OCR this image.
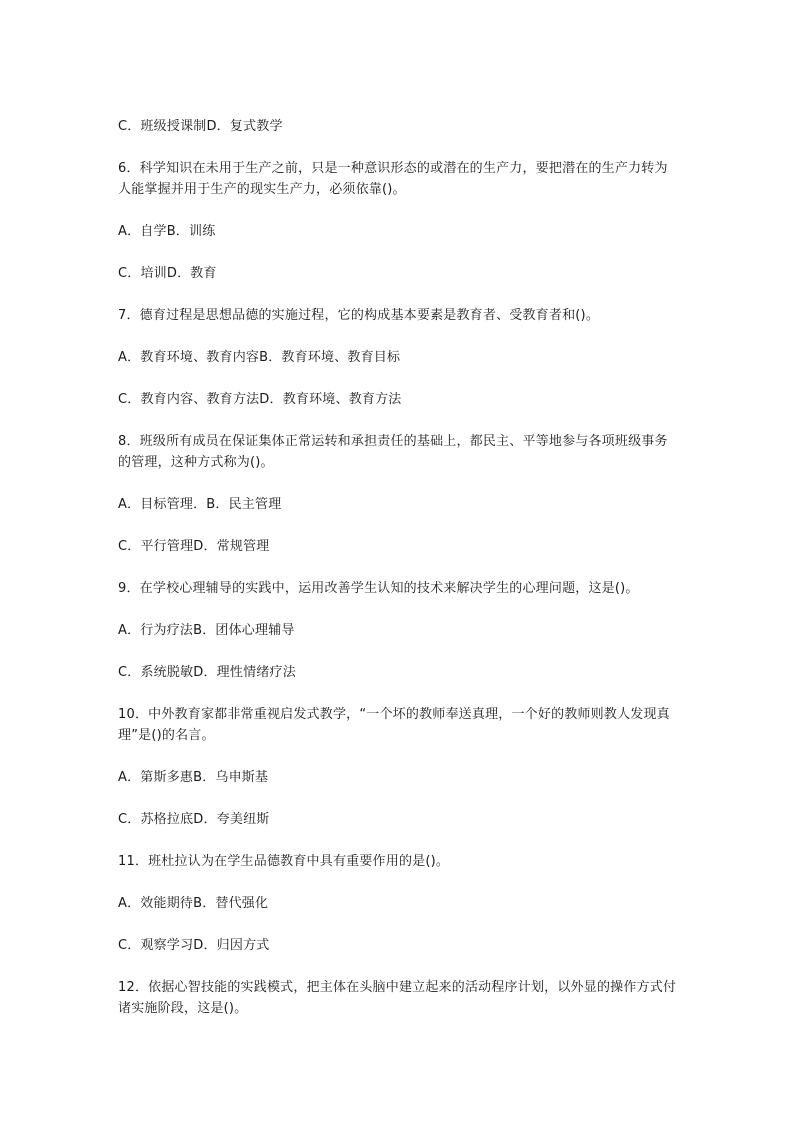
C．班级授课制D．复式教学

6．科学知识在未用于生产之前，只是一种意识形态的或潜在的生产力，要把潜在的生产力转为人能掌握并用于生产的现实生产力，必须依靠()。

A．自学B．训练

C．培训D．教育

7．德育过程是思想品德的实施过程，它的构成基本要素是教育者、受教育者和()。

A．教育环境、教育内容B．教育环境、教育目标

C．教育内容、教育方法D．教育环境、教育方法

8．班级所有成员在保证集体正常运转和承担责任的基础上，都民主、平等地参与各项班级事务的管理，这种方式称为()。

A．目标管理．B．民主管理

C．平行管理D．常规管理

9．在学校心理辅导的实践中，运用改善学生认知的技术来解决学生的心理问题，这是()。

A．行为疗法B．团体心理辅导

C．系统脱敏D．理性情绪疗法

10．中外教育家都非常重视启发式教学，“一个坏的教师奉送真理，一个好的教师则教人发现真理”是()的名言。

A．第斯多惠B．乌申斯基

C．苏格拉底D．夸美纽斯

11．班杜拉认为在学生品德教育中具有重要作用的是()。

A．效能期待B．替代强化

C．观察学习D．归因方式

12．依据心智技能的实践模式，把主体在头脑中建立起来的活动程序计划，以外显的操作方式付诸实施阶段，这是()。
